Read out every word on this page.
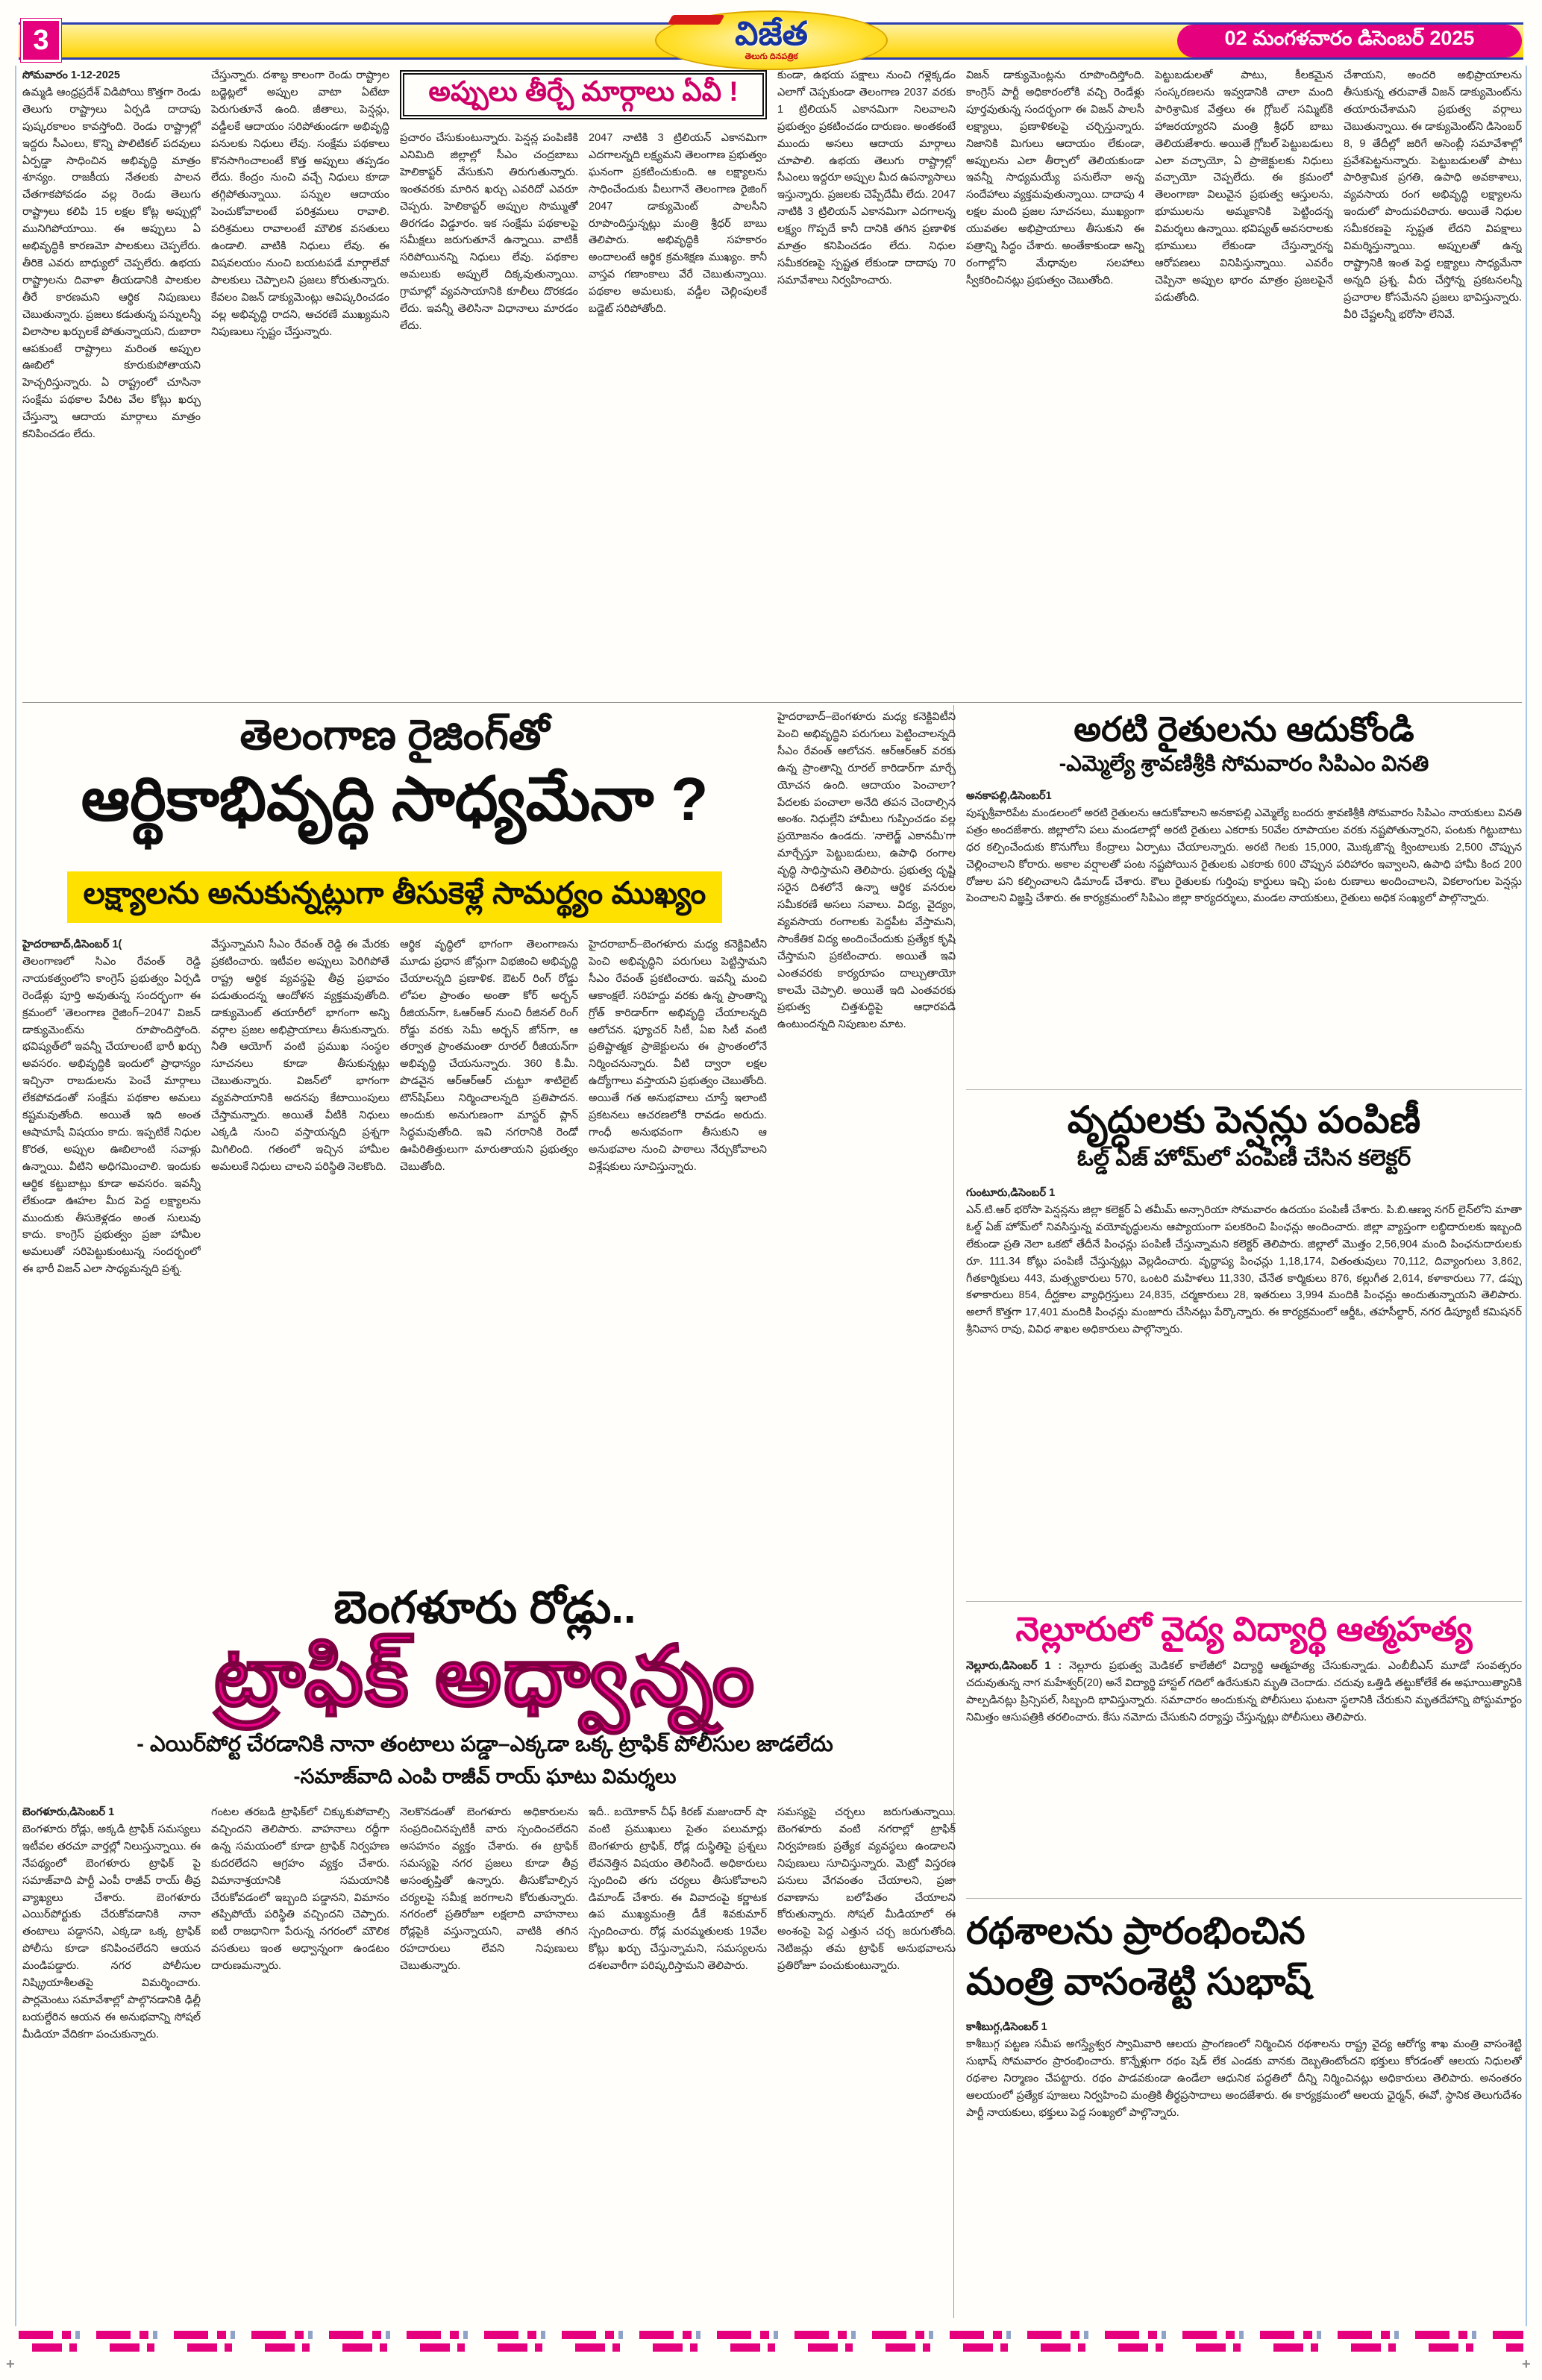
+	+
3	విజేత
తెలుగు దినపత్రిక
02 మంగళవారం డిసెంబర్ 2025
అప్పులు తీర్చే మార్గాలు ఏవీ !
సోమవారం 1-12-2025
ఉమ్మడి ఆంధ్రప్రదేశ్ విడిపోయి కొత్తగా రెండు తెలుగు రాష్ట్రాలు ఏర్పడి దాదాపు పుష్కరకాలం కావస్తోంది. రెండు రాష్ట్రాల్లో ఇద్దరు సీఎంలు, కొన్ని పొలిటికల్ పదవులు ఏర్పడ్డా సాధించిన అభివృద్ధి మాత్రం శూన్యం. రాజకీయ నేతలకు పాలన చేతగాకపోవడం వల్ల రెండు తెలుగు రాష్ట్రాలు కలిపి 15 లక్షల కోట్ల అప్పుల్లో మునిగిపోయాయి. ఈ అప్పులు ఏ అభివృద్ధికి కారణమో పాలకులు చెప్పలేరు. తీరికె ఎవరు బాధ్యులో చెప్పలేరు. ఉభయ రాష్ట్రాలను దివాళా తీయడానికి పాలకుల తీరే కారణమని ఆర్థిక నిపుణులు చెబుతున్నారు. ప్రజలు కడుతున్న పన్నులన్నీ విలాసాల ఖర్చులకే పోతున్నాయని, దుబారా ఆపకుంటే రాష్ట్రాలు మరింత అప్పుల ఊబిలో కూరుకుపోతాయని హెచ్చరిస్తున్నారు. ఏ రాష్ట్రంలో చూసినా సంక్షేమ పథకాల పేరిట వేల కోట్లు ఖర్చు చేస్తున్నా ఆదాయ మార్గాలు మాత్రం కనిపించడం లేదు.
చేస్తున్నారు. దశాబ్ద కాలంగా రెండు రాష్ట్రాల బడ్జెట్లలో అప్పుల వాటా ఏటేటా పెరుగుతూనే ఉంది. జీతాలు, పెన్షన్లు, వడ్డీలకే ఆదాయం సరిపోతుండగా అభివృద్ధి పనులకు నిధులు లేవు. సంక్షేమ పథకాలు కొనసాగించాలంటే కొత్త అప్పులు తప్పడం లేదు. కేంద్రం నుంచి వచ్చే నిధులు కూడా తగ్గిపోతున్నాయి. పన్నుల ఆదాయం పెంచుకోవాలంటే పరిశ్రమలు రావాలి. పరిశ్రమలు రావాలంటే మౌలిక వసతులు ఉండాలి. వాటికి నిధులు లేవు. ఈ విషవలయం నుంచి బయటపడే మార్గాలేవో పాలకులు చెప్పాలని ప్రజలు కోరుతున్నారు. కేవలం విజన్ డాక్యుమెంట్లు ఆవిష్కరించడం వల్ల అభివృద్ధి రాదని, ఆచరణే ముఖ్యమని నిపుణులు స్పష్టం చేస్తున్నారు.
ప్రచారం చేసుకుంటున్నారు. పెన్షన్ల పంపిణికి ఎనిమిది జిల్లాల్లో సీఎం చంద్రబాబు హెలికాప్టర్ వేసుకుని తిరుగుతున్నారు. ఇంతవరకు మారిన ఖర్చు ఎవరిదో ఎవరూ చెప్పరు. హెలికాప్టర్ అప్పుల సొమ్ముతో తిరగడం విడ్డూరం. ఇక సంక్షేమ పథకాలపై సమీక్షలు జరుగుతూనే ఉన్నాయి. వాటికీ సరిపోయినన్ని నిధులు లేవు. పథకాల అమలుకు అప్పులే దిక్కవుతున్నాయి. గ్రామాల్లో వ్యవసాయానికి కూలీలు దొరకడం లేదు. ఇవన్నీ తెలిసినా విధానాలు మారడం లేదు.
2047 నాటికి 3 ట్రిలియన్ ఎకానమిగా ఎదగాలన్నది లక్ష్యమని తెలంగాణ ప్రభుత్వం ఘనంగా ప్రకటించుకుంది. ఆ లక్ష్యాలను సాధించేందుకు వీలుగానే తెలంగాణ రైజింగ్ 2047 డాక్యుమెంట్ పాలసీని రూపొందిస్తున్నట్లు మంత్రి శ్రీధర్ బాబు తెలిపారు. అభివృద్ధికి సహకారం అందాలంటే ఆర్థిక క్రమశిక్షణ ముఖ్యం. కానీ వాస్తవ గణాంకాలు వేరే చెబుతున్నాయి. పథకాల అమలుకు, వడ్డీల చెల్లింపులకే బడ్జెట్ సరిపోతోంది.
కుండా, ఉభయ పక్షాలు నుంచి గళ్లెక్కడం ఎలాగో చెప్పకుండా తెలంగాణ 2037 వరకు 1 ట్రిలియన్ ఎకానమిగా నిలవాలని ప్రభుత్వం ప్రకటించడం దారుణం. అంతకంటే ముందు అసలు ఆదాయ మార్గాలు చూపాలి. ఉభయ తెలుగు రాష్ట్రాల్లో సీఎంలు ఇద్దరూ అప్పుల మీద ఉపన్యాసాలు ఇస్తున్నారు. ప్రజలకు చెప్పేదేమీ లేదు. 2047 నాటికి 3 ట్రిలియన్ ఎకానమిగా ఎదగాలన్న లక్ష్యం గొప్పదే కానీ దానికి తగిన ప్రణాళిక మాత్రం కనిపించడం లేదు. నిధుల సమీకరణపై స్పష్టత లేకుండా దాదాపు 70 సమావేశాలు నిర్వహించారు.
విజన్ డాక్యుమెంట్లను రూపొందిస్తోంది. కాంగ్రెస్ పార్టీ అధికారంలోకి వచ్చి రెండేళ్లు పూర్తవుతున్న సందర్భంగా ఈ విజన్ పాలసీ లక్ష్యాలు, ప్రణాళికలపై చర్చిస్తున్నారు. నిజానికి మిగులు ఆదాయం లేకుండా, అప్పులను ఎలా తీర్చాలో తెలియకుండా ఇవన్నీ సాధ్యమయ్యే పనులేనా అన్న సందేహాలు వ్యక్తమవుతున్నాయి. దాదాపు 4 లక్షల మంది ప్రజల సూచనలు, ముఖ్యంగా యువతల అభిప్రాయాలు తీసుకుని ఈ పత్రాన్ని సిద్ధం చేశారు. అంతేకాకుండా అన్ని రంగాల్లోని మేధావుల సలహాలు స్వీకరించినట్లు ప్రభుత్వం చెబుతోంది.
పెట్టుబడులతో పాటు, కీలకమైన సంస్కరణలను ఇవ్వడానికి చాలా మంది పారిశ్రామిక వేత్తలు ఈ గ్లోబల్ సమ్మిట్‌కి హాజరయ్యారని మంత్రి శ్రీధర్ బాబు తెలియజేశారు. అయితే గ్లోబల్ పెట్టుబడులు ఎలా వచ్చాయో, ఏ ప్రాజెక్టులకు నిధులు వచ్చాయో చెప్పలేదు. ఈ క్రమంలో తెలంగాణా విలువైన ప్రభుత్వ ఆస్తులను, భూములను అమ్మకానికి పెట్టిందన్న విమర్శలు ఉన్నాయి. భవిష్యత్ అవసరాలకు భూములు లేకుండా చేస్తున్నారన్న ఆరోపణలు వినిపిస్తున్నాయి. ఎవరేం చెప్పినా అప్పుల భారం మాత్రం ప్రజలపైనే పడుతోంది.
చేశాయని, అందరి అభిప్రాయాలను తీసుకున్న తరువాతే విజన్ డాక్యుమెంట్‌ను తయారుచేశామని ప్రభుత్వ వర్గాలు చెబుతున్నాయి. ఈ డాక్యుమెంట్‌ని డిసెంబర్ 8, 9 తేదీల్లో జరిగే అసెంబ్లీ సమావేశాల్లో ప్రవేశపెట్టనున్నారు. పెట్టుబడులతో పాటు పారిశ్రామిక ప్రగతి, ఉపాధి అవకాశాలు, వ్యవసాయ రంగ అభివృద్ధి లక్ష్యాలను ఇందులో పొందుపరిచారు. అయితే నిధుల సమీకరణపై స్పష్టత లేదని విపక్షాలు విమర్శిస్తున్నాయి. అప్పులతో ఉన్న రాష్ట్రానికి ఇంత పెద్ద లక్ష్యాలు సాధ్యమేనా అన్నది ప్రశ్న. వీరు చేస్తోన్న ప్రకటనలన్నీ ప్రచారాల కోసమేనని ప్రజలు భావిస్తున్నారు. వీరి చేష్టలన్నీ భరోసా లేనివే.
తెలంగాణ రైజింగ్‌తో
ఆర్థికాభివృద్ధి సాధ్యమేనా ?
లక్ష్యాలను అనుకున్నట్లుగా తీసుకెళ్లే సామర్థ్యం ముఖ్యం
హైదరాబాద్,డిసెంబర్ 1(
తెలంగాణలో సిఎం రేవంత్ రెడ్డి నాయకత్వంలోని కాంగ్రెస్ ప్రభుత్వం ఏర్పడి రెండేళ్లు పూర్తి అవుతున్న సందర్భంగా ఈ క్రమంలో 'తెలంగాణ రైజింగ్–2047' విజన్ డాక్యుమెంట్‌ను రూపొందిస్తోంది. భవిష్యత్‌లో ఇవన్నీ చేయాలంటే భారీ ఖర్చు అవసరం. అభివృద్ధికి ఇందులో ప్రాధాన్యం ఇచ్చినా రాబడులను పెంచే మార్గాలు లేకపోవడంతో సంక్షేమ పథకాల అమలు కష్టమవుతోంది. అయితే ఇది అంత ఆషామాషీ విషయం కాదు. ఇప్పటికే నిధుల కొరత, అప్పుల ఊబిలాంటి సవాళ్లు ఉన్నాయి. వీటిని అధిగమించాలి. ఇందుకు ఆర్థిక కట్టుబాట్లు కూడా అవసరం. ఇవన్నీ లేకుండా ఊహల మీద పెద్ద లక్ష్యాలను ముందుకు తీసుకెళ్లడం అంత సులువు కాదు. కాంగ్రెస్ ప్రభుత్వం ప్రజా హామీల అమలుతో సరిపెట్టుకుంటున్న సందర్భంలో ఈ భారీ విజన్ ఎలా సాధ్యమన్నది ప్రశ్న.
వేస్తున్నామని సీఎం రేవంత్ రెడ్డి ఈ మేరకు ప్రకటించారు. ఇటీవల అప్పులు పెరిగిపోతే రాష్ట్ర ఆర్థిక వ్యవస్థపై తీవ్ర ప్రభావం పడుతుందన్న ఆందోళన వ్యక్తమవుతోంది. డాక్యుమెంట్ తయారీలో భాగంగా అన్ని వర్గాల ప్రజల అభిప్రాయాలు తీసుకున్నారు. నీతి ఆయోగ్ వంటి ప్రముఖ సంస్థల సూచనలు కూడా తీసుకున్నట్లు చెబుతున్నారు. విజన్‌లో భాగంగా వ్యవసాయానికి అదనపు కేటాయింపులు చేస్తామన్నారు. అయితే వీటికి నిధులు ఎక్కడి నుంచి వస్తాయన్నది ప్రశ్నగా మిగిలింది. గతంలో ఇచ్చిన హామీల అమలుకే నిధులు చాలని పరిస్థితి నెలకొంది.
ఆర్థిక వృద్ధిలో భాగంగా తెలంగాణను మూడు ప్రధాన జోన్లుగా విభజించి అభివృద్ధి చేయాలన్నది ప్రణాళిక. ఔటర్ రింగ్ రోడ్డు లోపల ప్రాంతం అంతా కోర్ అర్బన్ రీజియన్‌గా, ఓఆర్ఆర్ నుంచి రీజినల్ రింగ్ రోడ్డు వరకు సెమీ అర్బన్ జోన్‌గా, ఆ తర్వాత ప్రాంతమంతా రూరల్ రీజియన్‌గా అభివృద్ధి చేయనున్నారు. 360 కి.మీ. పొడవైన ఆర్‌ఆర్‌ఆర్ చుట్టూ శాటిలైట్ టౌన్‌షిప్‌లు నిర్మించాలన్నది ప్రతిపాదన. అందుకు అనుగుణంగా మాస్టర్ ప్లాన్ సిద్ధమవుతోంది. ఇవి నగరానికి రెండో ఊపిరితిత్తులుగా మారుతాయని ప్రభుత్వం చెబుతోంది.
హైదరాబాద్–బెంగళూరు మధ్య కనెక్టివిటీని పెంచి అభివృద్ధిని పరుగులు పెట్టిస్తామని సీఎం రేవంత్ ప్రకటించారు. ఇవన్నీ మంచి ఆకాంక్షలే. సరిహద్దు వరకు ఉన్న ప్రాంతాన్ని గ్రోత్ కారిడార్‌గా అభివృద్ధి చేయాలన్నది ఆలోచన. ఫ్యూచర్ సిటీ, ఏఐ సిటీ వంటి ప్రతిష్టాత్మక ప్రాజెక్టులను ఈ ప్రాంతంలోనే నిర్మించనున్నారు. వీటి ద్వారా లక్షల ఉద్యోగాలు వస్తాయని ప్రభుత్వం చెబుతోంది. అయితే గత అనుభవాలు చూస్తే ఇలాంటి ప్రకటనలు ఆచరణలోకి రావడం అరుదు. గాంధీ అనుభవంగా తీసుకుని ఆ అనుభవాల నుంచి పాఠాలు నేర్చుకోవాలని విశ్లేషకులు సూచిస్తున్నారు.
హైదరాబాద్–బెంగళూరు మధ్య కనెక్టివిటీని పెంచి అభివృద్ధిని పరుగులు పెట్టించాలన్నది సీఎం రేవంత్ ఆలోచన. ఆర్‌ఆర్‌ఆర్ వరకు ఉన్న ప్రాంతాన్ని రూరల్ కారిడార్‌గా మార్చే యోచన ఉంది. ఆదాయం పెంచాలా? పేదలకు పంచాలా అనేది తపన చెందాల్సిన అంశం. నిధుల్లేని హామీలు గుప్పించడం వల్ల ప్రయోజనం ఉండదు. 'నాలెడ్జ్ ఎకానమీ'గా మార్చేస్తూ పెట్టుబడులు, ఉపాధి రంగాల వృద్ధి సాధిస్తామని తెలిపారు. ప్రభుత్వ దృష్టి సరైన దిశలోనే ఉన్నా ఆర్థిక వనరుల సమీకరణే అసలు సవాలు. విద్య, వైద్యం, వ్యవసాయ రంగాలకు పెద్దపీట వేస్తామని, సాంకేతిక విద్య అందించేందుకు ప్రత్యేక కృషి చేస్తామని ప్రకటించారు. అయితే ఇవి ఎంతవరకు కార్యరూపం దాల్చుతాయో కాలమే చెప్పాలి. అయితే ఇది ఎంతవరకు ప్రభుత్వ చిత్తశుద్ధిపై ఆధారపడి ఉంటుందన్నది నిపుణుల మాట.
బెంగళూరు రోడ్లు..
ట్రాఫిక్ అధ్వాన్నం
- ఎయిర్‌పోర్ట చేరడానికి నానా తంటాలు పడ్డా–ఎక్కడా ఒక్క ట్రాఫిక్ పోలీసుల జాడలేదు
-సమాజ్‌వాది ఎంపి రాజీవ్ రాయ్ ఘాటు విమర్శలు
బెంగళూరు,డిసెంబర్ 1
బెంగళూరు రోడ్లు, అక్కడి ట్రాఫిక్ సమస్యలు ఇటీవల తరచూ వార్తల్లో నిలుస్తున్నాయి. ఈ నేపథ్యంలో బెంగళూరు ట్రాఫిక్ పై సమాజ్‌వాది పార్టీ ఎంపీ రాజీవ్ రాయ్ తీవ్ర వ్యాఖ్యలు చేశారు. బెంగళూరు ఎయిర్‌పోర్టుకు చేరుకోవడానికి నానా తంటాలు పడ్డానని, ఎక్కడా ఒక్క ట్రాఫిక్ పోలీసు కూడా కనిపించలేదని ఆయన మండిపడ్డారు. నగర పోలీసుల నిష్క్రియాశీలతపై విమర్శించారు. పార్లమెంటు సమావేశాల్లో పాల్గొనడానికి ఢిల్లీ బయల్దేరిన ఆయన ఈ అనుభవాన్ని సోషల్ మీడియా వేదికగా పంచుకున్నారు.
గంటల తరబడి ట్రాఫిక్‌లో చిక్కుకుపోవాల్సి వచ్చిందని తెలిపారు. వాహనాలు రద్దీగా ఉన్న సమయంలో కూడా ట్రాఫిక్ నిర్వహణ కుదరలేదని ఆగ్రహం వ్యక్తం చేశారు. విమానాశ్రయానికి సమయానికి చేరుకోవడంలో ఇబ్బంది పడ్డానని, విమానం తప్పిపోయే పరిస్థితి వచ్చిందని చెప్పారు. ఐటీ రాజధానిగా పేరున్న నగరంలో మౌలిక వసతులు ఇంత అధ్వాన్నంగా ఉండటం దారుణమన్నారు.
నెలకొనడంతో బెంగళూరు అధికారులను సంప్రదించినప్పటికీ వారు స్పందించలేదని అసహనం వ్యక్తం చేశారు. ఈ ట్రాఫిక్ సమస్యపై నగర ప్రజలు కూడా తీవ్ర అసంతృప్తితో ఉన్నారు. తీసుకోవాల్సిన చర్యలపై సమీక్ష జరగాలని కోరుతున్నారు. నగరంలో ప్రతిరోజూ లక్షలాది వాహనాలు రోడ్లపైకి వస్తున్నాయని, వాటికి తగిన రహదారులు లేవని నిపుణులు చెబుతున్నారు.
ఇదీ.. బయోకాన్ చీఫ్ కిరణ్ మజుందార్ షా వంటి ప్రముఖులు సైతం పలుమార్లు బెంగళూరు ట్రాఫిక్, రోడ్ల దుస్థితిపై ప్రశ్నలు లేవనెత్తిన విషయం తెలిసిందే. అధికారులు స్పందించి తగు చర్యలు తీసుకోవాలని డిమాండ్ చేశారు. ఈ వివాదంపై కర్ణాటక ఉప ముఖ్యమంత్రి డీకే శివకుమార్ స్పందించారు. రోడ్ల మరమ్మతులకు 19వేల కోట్లు ఖర్చు చేస్తున్నామని, సమస్యలను దశలవారీగా పరిష్కరిస్తామని తెలిపారు.
సమస్యపై చర్చలు జరుగుతున్నాయి. బెంగళూరు వంటి నగరాల్లో ట్రాఫిక్ నిర్వహణకు ప్రత్యేక వ్యవస్థలు ఉండాలని నిపుణులు సూచిస్తున్నారు. మెట్రో విస్తరణ పనులు వేగవంతం చేయాలని, ప్రజా రవాణాను బలోపేతం చేయాలని కోరుతున్నారు. సోషల్ మీడియాలో ఈ అంశంపై పెద్ద ఎత్తున చర్చ జరుగుతోంది. నెటిజన్లు తమ ట్రాఫిక్ అనుభవాలను ప్రతిరోజూ పంచుకుంటున్నారు.
అరటి రైతులను ఆదుకోండి
-ఎమ్మెల్యే శ్రావణిశ్రీకి సోమవారం సిపిఎం వినతి
అనకాపల్లి,డిసెంబర్1
పుష్పశ్రీవారిపేట మండలంలో అరటి రైతులను ఆదుకోవాలని అనకాపల్లి ఎమ్మెల్యే బందరు శ్రావణిశ్రీకి సోమవారం సిపిఎం నాయకులు వినతి పత్రం అందజేశారు. జిల్లాలోని పలు మండలాల్లో అరటి రైతులు ఎకరాకు 50వేల రూపాయల వరకు నష్టపోతున్నారని, పంటకు గిట్టుబాటు ధర కల్పించేందుకు కొనుగోలు కేంద్రాలు ఏర్పాటు చేయాలన్నారు. అరటి గెలకు 15,000, మొక్కజొన్న క్వింటాలుకు 2,500 చొప్పున చెల్లించాలని కోరారు. అకాల వర్షాలతో పంట నష్టపోయిన రైతులకు ఎకరాకు 600 చొప్పున పరిహారం ఇవ్వాలని, ఉపాధి హామీ కింద 200 రోజుల పని కల్పించాలని డిమాండ్ చేశారు. కౌలు రైతులకు గుర్తింపు కార్డులు ఇచ్చి పంట రుణాలు అందించాలని, వికలాంగుల పెన్షన్లు పెంచాలని విజ్ఞప్తి చేశారు. ఈ కార్యక్రమంలో సిపిఎం జిల్లా కార్యదర్శులు, మండల నాయకులు, రైతులు అధిక సంఖ్యలో పాల్గొన్నారు.
వృద్ధులకు పెన్షన్లు పంపిణీ
ఓల్డ్ ఏజ్ హోమ్‌లో పంపిణీ చేసిన కలెక్టర్
గుంటూరు,డిసెంబర్ 1
ఎన్.టి.ఆర్ భరోసా పెన్షన్లను జిల్లా కలెక్టర్ ఏ తమీమ్ అన్సారియా సోమవారం ఉదయం పంపిణీ చేశారు. పి.బి.ఆణ్వ నగర్ లైన్‌లోని మాతా ఓల్డ్ ఏజ్ హోమ్‌లో నివసిస్తున్న వయోవృద్ధులను ఆప్యాయంగా పలకరించి పింఛన్లు అందించారు. జిల్లా వ్యాప్తంగా లబ్ధిదారులకు ఇబ్బంది లేకుండా ప్రతి నెలా ఒకటో తేదీనే పింఛన్లు పంపిణీ చేస్తున్నామని కలెక్టర్ తెలిపారు. జిల్లాలో మొత్తం 2,56,904 మంది పింఛనుదారులకు రూ. 111.34 కోట్లు పంపిణీ చేస్తున్నట్లు వెల్లడించారు. వృద్ధాప్య పింఛన్లు 1,18,174, వితంతువులు 70,112, దివ్యాంగులు 3,862, గీతకార్మికులు 443, మత్స్యకారులు 570, ఒంటరి మహిళలు 11,330, చేనేత కార్మికులు 876, కల్లుగీత 2,614, కళాకారులు 77, డప్పు కళాకారులు 854, దీర్ఘకాల వ్యాధిగ్రస్తులు 24,835, చర్మకారులు 28, ఇతరులు 3,994 మందికి పింఛన్లు అందుతున్నాయని తెలిపారు. అలాగే కొత్తగా 17,401 మందికి పింఛన్లు మంజూరు చేసినట్లు పేర్కొన్నారు. ఈ కార్యక్రమంలో ఆర్డీఓ, తహసీల్దార్, నగర డిప్యూటీ కమిషనర్ శ్రీనివాస రావు, వివిధ శాఖల అధికారులు పాల్గొన్నారు.
నెల్లూరులో వైద్య విద్యార్థి ఆత్మహత్య
నెల్లూరు,డిసెంబర్ 1 : నెల్లూరు ప్రభుత్వ మెడికల్ కాలేజీలో విద్యార్థి ఆత్మహత్య చేసుకున్నాడు. ఎంబీబీఎస్ మూడో సంవత్సరం చదువుతున్న నాగ మహేశ్వర్(20) అనే విద్యార్థి హాస్టల్ గదిలో ఉరేసుకుని మృతి చెందాడు. చదువు ఒత్తిడి తట్టుకోలేకే ఈ అఘాయిత్యానికి పాల్పడినట్లు ప్రిన్సిపల్, సిబ్బంది భావిస్తున్నారు. సమాచారం అందుకున్న పోలీసులు ఘటనా స్థలానికి చేరుకుని మృతదేహాన్ని పోస్టుమార్టం నిమిత్తం ఆసుపత్రికి తరలించారు. కేసు నమోదు చేసుకుని దర్యాప్తు చేస్తున్నట్లు పోలీసులు తెలిపారు.
రథశాలను ప్రారంభించిన
మంత్రి వాసంశెట్టి సుభాష్
కాశీబుగ్గ,డిసెంబర్ 1
కాశీబుగ్గ పట్టణ సమీప అగస్త్యేశ్వర స్వామివారి ఆలయ ప్రాంగణంలో నిర్మించిన రథశాలను రాష్ట్ర వైద్య ఆరోగ్య శాఖ మంత్రి వాసంశెట్టి సుభాష్ సోమవారం ప్రారంభించారు. కొన్నేళ్లుగా రథం షెడ్ లేక ఎండకు వానకు దెబ్బతింటోందని భక్తులు కోరడంతో ఆలయ నిధులతో రథశాల నిర్మాణం చేపట్టారు. రథం పాడవకుండా ఉండేలా ఆధునిక పద్ధతిలో దీన్ని నిర్మించినట్లు అధికారులు తెలిపారు. అనంతరం ఆలయంలో ప్రత్యేక పూజలు నిర్వహించి మంత్రికి తీర్థప్రసాదాలు అందజేశారు. ఈ కార్యక్రమంలో ఆలయ ఛైర్మన్, ఈవో, స్థానిక తెలుగుదేశం పార్టీ నాయకులు, భక్తులు పెద్ద సంఖ్యలో పాల్గొన్నారు.
